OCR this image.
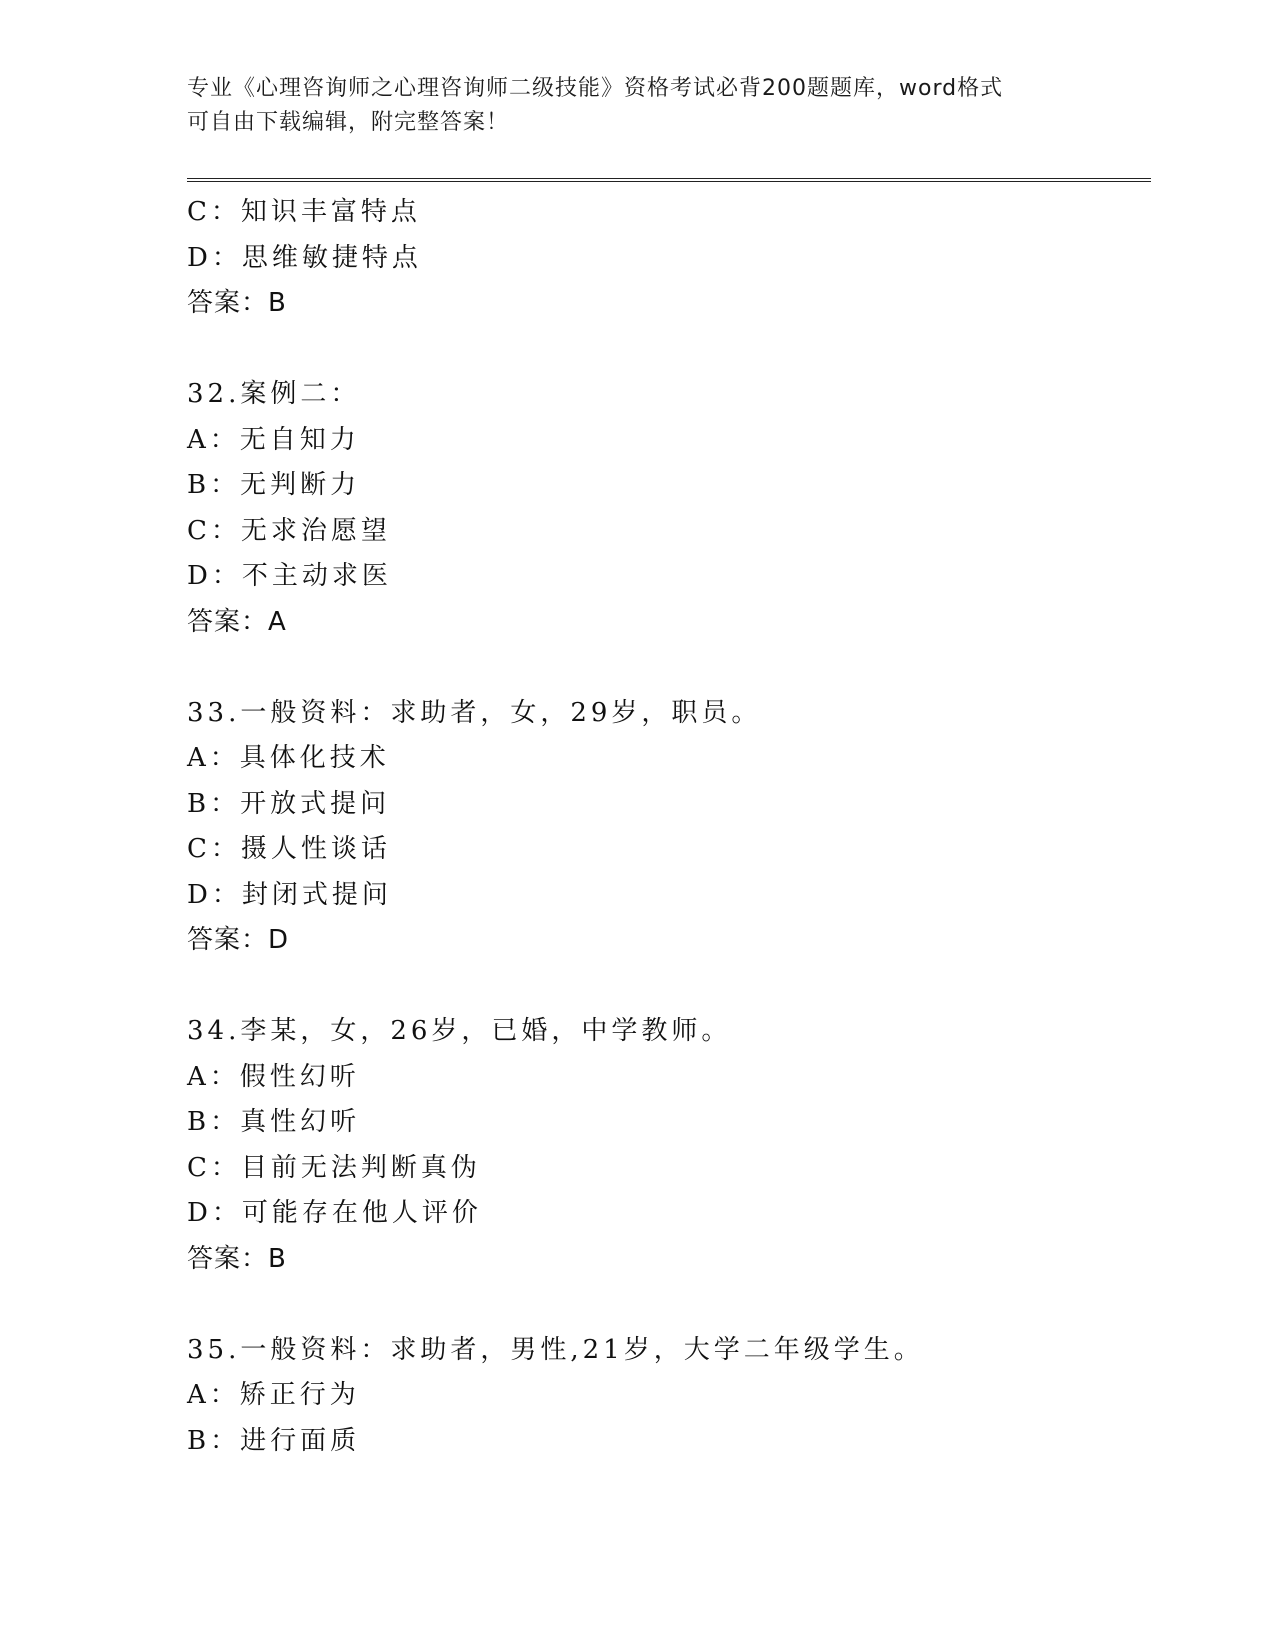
专业《心理咨询师之心理咨询师二级技能》资格考试必背200题题库，word格式
可自由下载编辑，附完整答案！
C：知识丰富特点
D：思维敏捷特点
答案：B
32.案例二：
A：无自知力
B：无判断力
C：无求治愿望
D：不主动求医
答案：A
33.一般资料：求助者，女，29岁，职员。
A：具体化技术
B：开放式提问
C：摄人性谈话
D：封闭式提问
答案：D
34.李某，女，26岁，已婚，中学教师。
A：假性幻听
B：真性幻听
C：目前无法判断真伪
D：可能存在他人评价
答案：B
35.一般资料：求助者，男性,21岁，大学二年级学生。
A：矫正行为
B：进行面质
